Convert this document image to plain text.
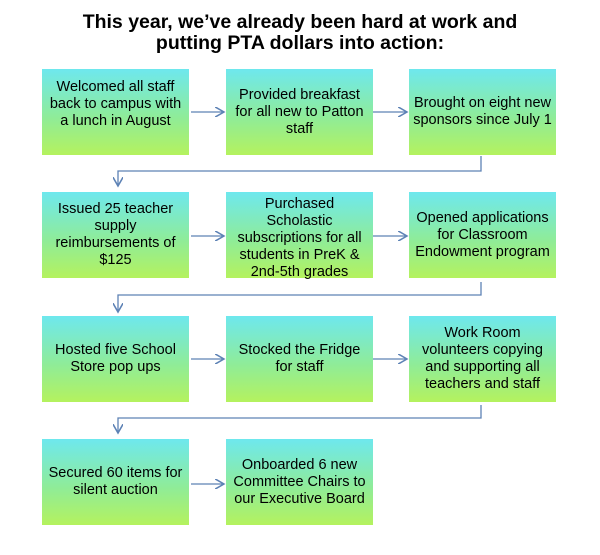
This year, we’ve already been hard at work and
putting PTA dollars into action:
Welcomed all staff back to campus with a lunch in August
Provided breakfast for all new to Patton staff
Brought on eight new sponsors since July 1
Issued 25 teacher supply reimbursements of $125
Purchased Scholastic subscriptions for all students in PreK & 2nd-5th grades
Opened applications for Classroom Endowment program
Hosted five School Store pop ups
Stocked the Fridge for staff
Work Room volunteers copying and supporting all teachers and staff
Secured 60 items for silent auction
Onboarded 6 new Committee Chairs to our Executive Board
